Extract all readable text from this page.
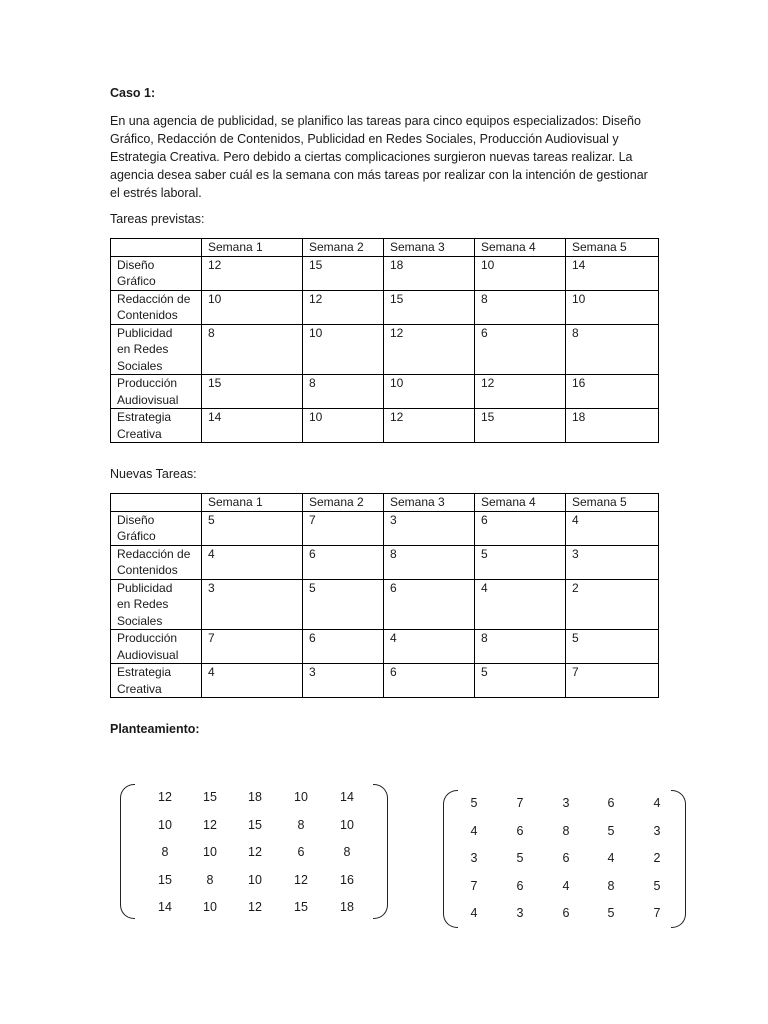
Caso 1:

En una agencia de publicidad, se planifico las tareas para cinco equipos especializados: Diseño Gráfico, Redacción de Contenidos, Publicidad en Redes Sociales, Producción Audiovisual y Estrategia Creativa. Pero debido a ciertas complicaciones surgieron nuevas tareas realizar. La agencia desea saber cuál es la semana con más tareas por realizar con la intención de gestionar el estrés laboral.

Tareas previstas:
	Semana 1	Semana 2	Semana 3	Semana 4	Semana 5
Diseño
Gráfico	12	15	18	10	14
Redacción de
Contenidos	10	12	15	8	10
Publicidad
en Redes
Sociales	8	10	12	6	8
Producción
Audiovisual	15	8	10	12	16
Estrategia
Creativa	14	10	12	15	18
Nuevas Tareas:
	Semana 1	Semana 2	Semana 3	Semana 4	Semana 5
Diseño
Gráfico	5	7	3	6	4
Redacción de
Contenidos	4	6	8	5	3
Publicidad
en Redes
Sociales	3	5	6	4	2
Producción
Audiovisual	7	6	4	8	5
Estrategia
Creativa	4	3	6	5	7
Planteamiento:
12	15	18	10	14
10	12	15	8	10
8	10	12	6	8
15	8	10	12	16
14	10	12	15	18
5	7	3	6	4
4	6	8	5	3
3	5	6	4	2
7	6	4	8	5
4	3	6	5	7
